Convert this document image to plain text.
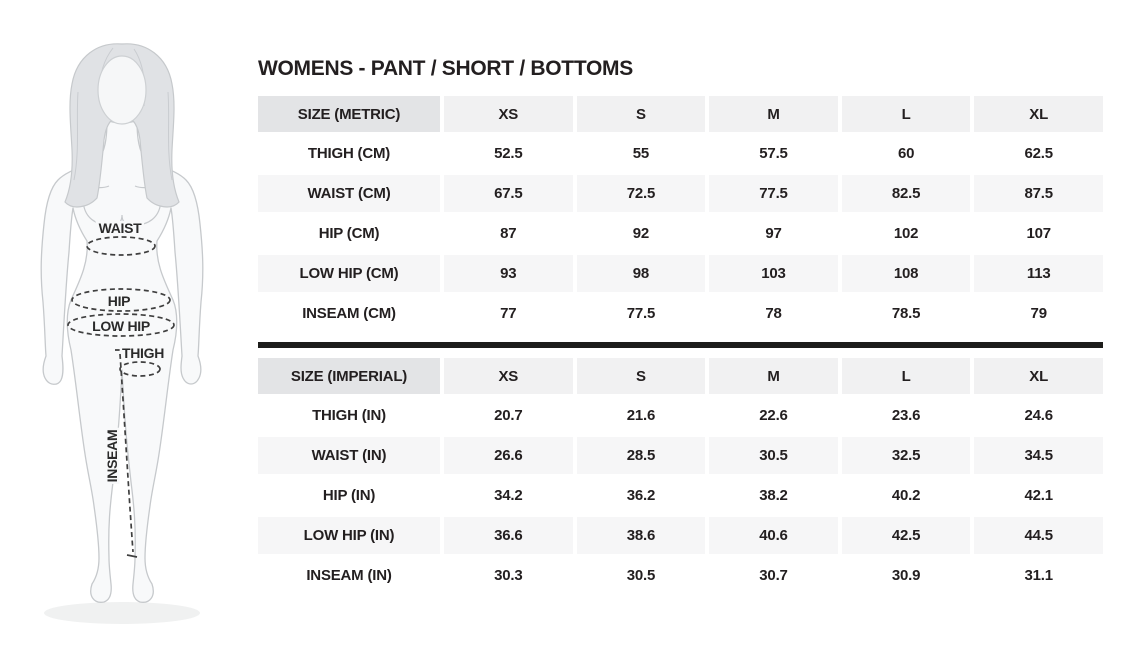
WAIST
HIP
LOW HIP
THIGH
INSEAM
WOMENS - PANT / SHORT / BOTTOMS
SIZE (METRIC)	XS	S	M	L	XL
THIGH (CM)	52.5	55	57.5	60	62.5
WAIST (CM)	67.5	72.5	77.5	82.5	87.5
HIP (CM)	87	92	97	102	107
LOW HIP (CM)	93	98	103	108	113
INSEAM (CM)	77	77.5	78	78.5	79
SIZE (IMPERIAL)	XS	S	M	L	XL
THIGH (IN)	20.7	21.6	22.6	23.6	24.6
WAIST (IN)	26.6	28.5	30.5	32.5	34.5
HIP (IN)	34.2	36.2	38.2	40.2	42.1
LOW HIP (IN)	36.6	38.6	40.6	42.5	44.5
INSEAM (IN)	30.3	30.5	30.7	30.9	31.1
